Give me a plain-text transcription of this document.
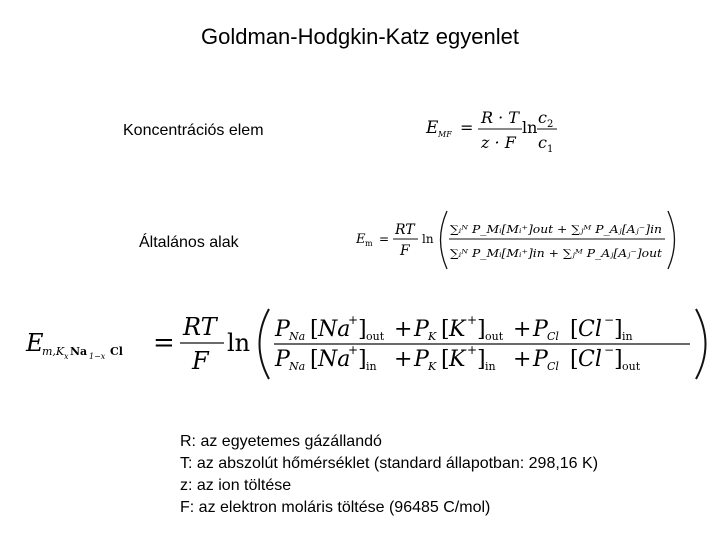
Goldman-Hodgkin-Katz egyenlet
Koncentrációs elem
Általános alak
E MF =
R · T
z · F
ln
c 2
c 1
E m =
RT
F
ln
∑ᵢᴺ P_Mᵢ[Mᵢ⁺]out + ∑ⱼᴹ P_Aⱼ[Aⱼ⁻]in
∑ᵢᴺ P_Mᵢ[Mᵢ⁺]in + ∑ⱼᴹ P_Aⱼ[Aⱼ⁻]out
E
m,K x Na 1−x Cl =
RT
F
ln P Na [ Na
+ ] out + P K [ K + ] out + P Cl [ Cl − ] in
P Na [ Na
+ ] in + P K [ K + ] in + P Cl [ Cl − ] out
R: az egyetemes gázállandó
T: az abszolút hőmérséklet (standard állapotban: 298,16 K)
z: az ion töltése
F: az elektron moláris töltése (96485 C/mol)
